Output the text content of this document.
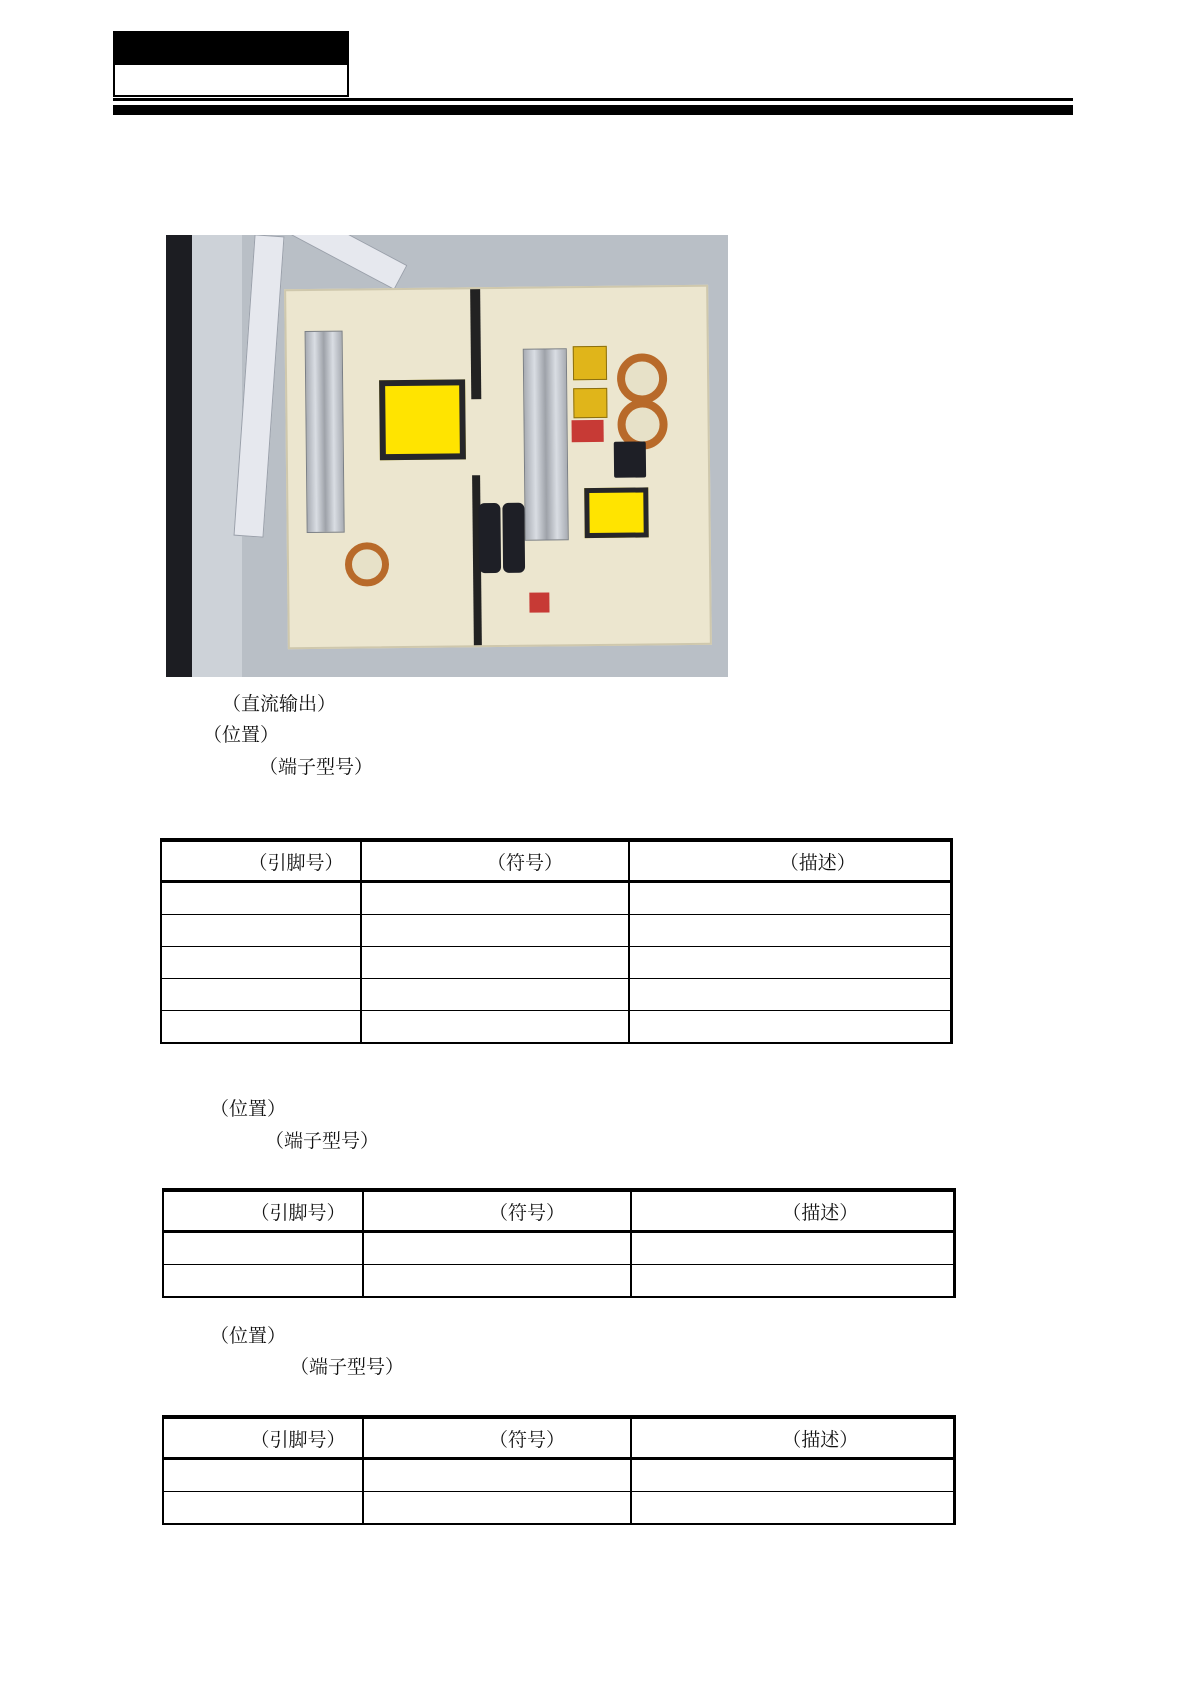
（直流输出）
（位置）
（端子型号）
（引脚号）	（符号）	（描述）

（位置）
（端子型号）
（引脚号）	（符号）	（描述）

（位置）
（端子型号）
（引脚号）	（符号）	（描述）
